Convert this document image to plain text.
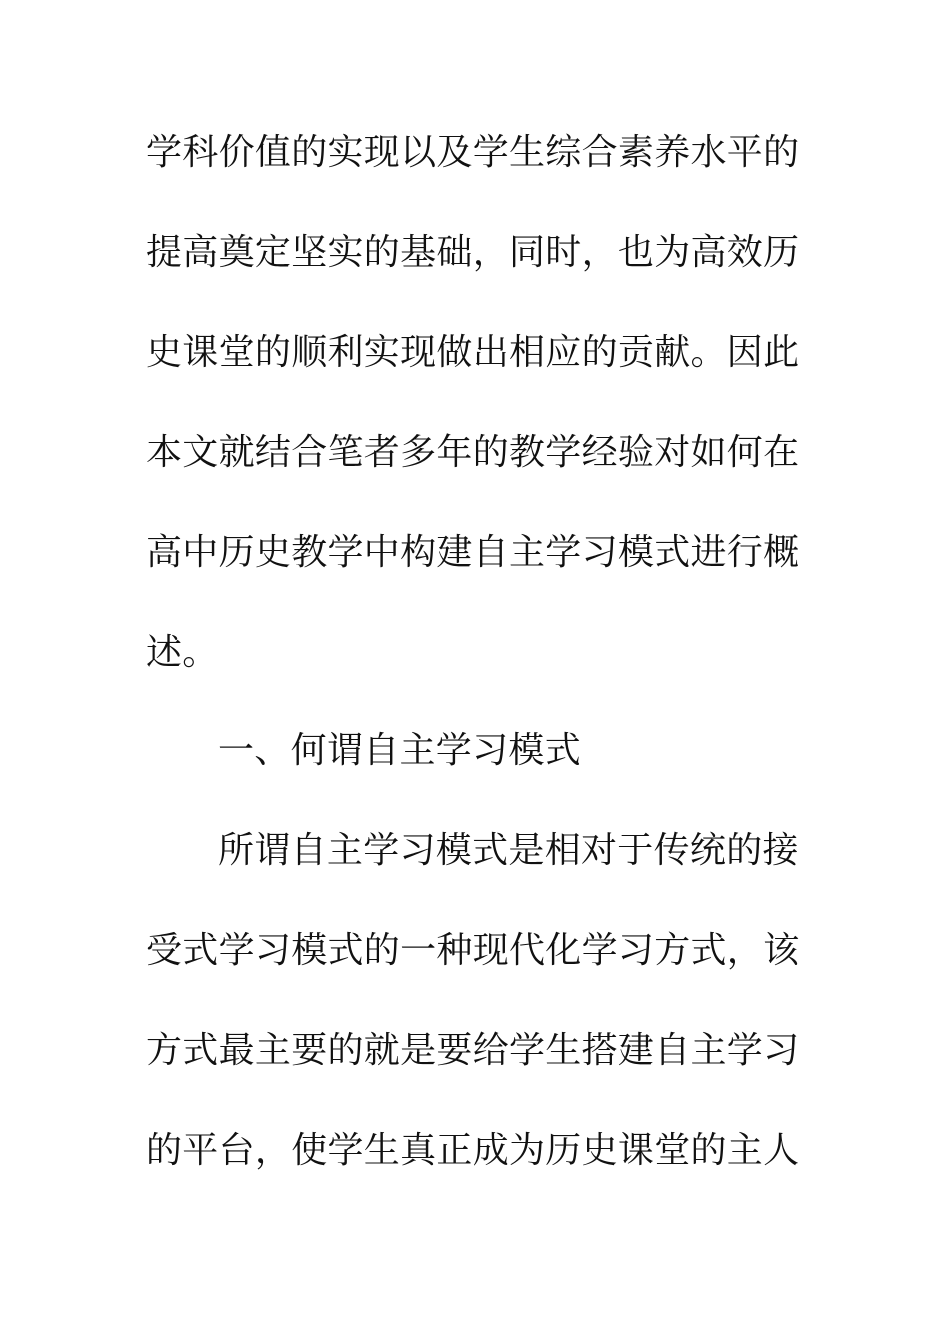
学科价值的实现以及学生综合素养水平的
提高奠定坚实的基础，同时，也为高效历
史课堂的顺利实现做出相应的贡献。因此
本文就结合笔者多年的教学经验对如何在
高中历史教学中构建自主学习模式进行概
述。
一、何谓自主学习模式
所谓自主学习模式是相对于传统的接
受式学习模式的一种现代化学习方式，该
方式最主要的就是要给学生搭建自主学习
的平台，使学生真正成为历史课堂的主人
